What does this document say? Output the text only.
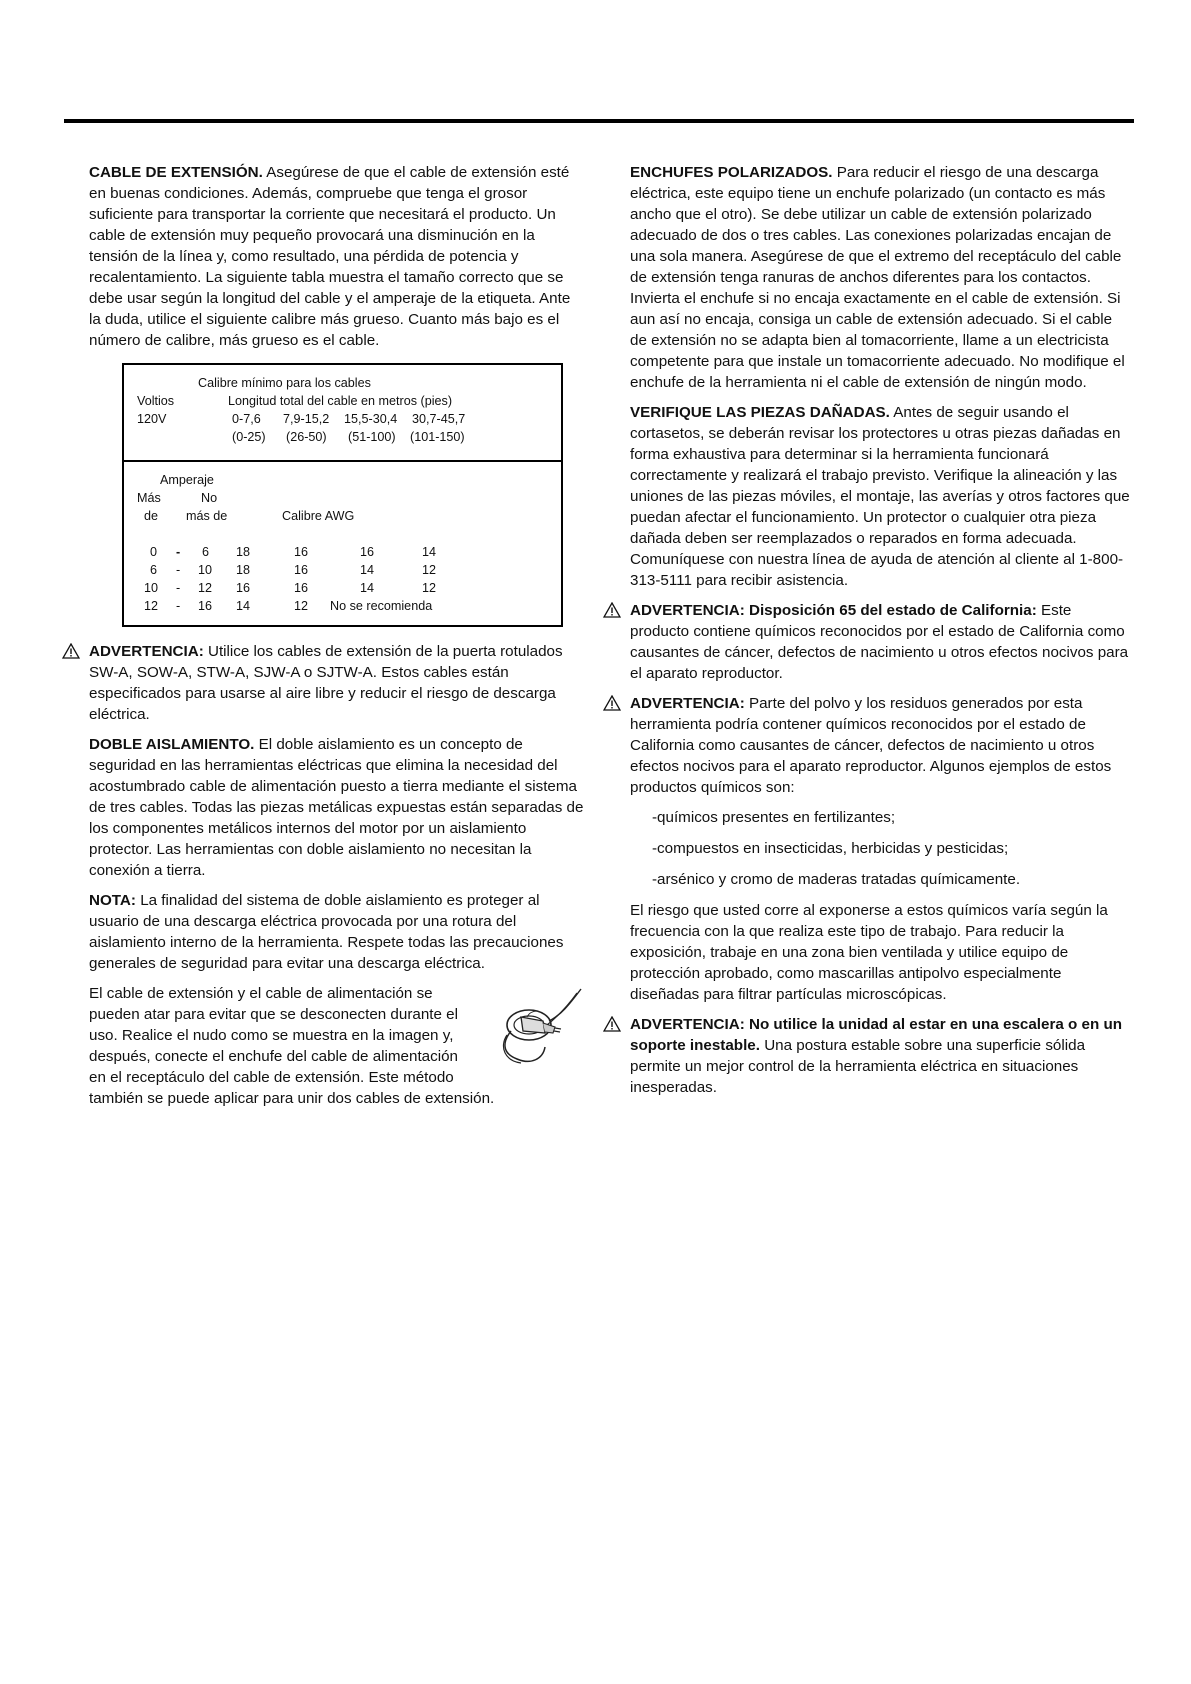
CABLE DE EXTENSIÓN. Asegúrese de que el cable de extensión esté en buenas condiciones. Además, compruebe que tenga el grosor suficiente para transportar la corriente que necesitará el producto. Un cable de extensión muy pequeño provocará una disminución en la tensión de la línea y, como resultado, una pérdida de potencia y recalentamiento. La siguiente tabla muestra el tamaño correcto que se debe usar según la longitud del cable y el amperaje de la etiqueta. Ante la duda, utilice el siguiente calibre más grueso. Cuanto más bajo es el número de calibre, más grueso es el cable.

Calibre mínimo para los cables
Voltios	Longitud total del cable en metros (pies)
120V	0-7,6 7,9-15,2 15,5-30,4 30,7-45,7
(0-25) (26-50) (51-100) (101-150)
Amperaje
Más	No
de más de	Calibre AWG
0 - 6 18	16	16	14
6 - 10 18	16	14	12
10 - 12 16	16	14	12
12 - 16 14	12 No se recomienda

ADVERTENCIA: Utilice los cables de extensión de la puerta rotulados SW-A, SOW-A, STW-A, SJW-A o SJTW-A. Estos cables están especificados para usarse al aire libre y reducir el riesgo de descarga eléctrica.

DOBLE AISLAMIENTO. El doble aislamiento es un concepto de seguridad en las herramientas eléctricas que elimina la necesidad del acostumbrado cable de alimentación puesto a tierra mediante el sistema de tres cables. Todas las piezas metálicas expuestas están separadas de los componentes metálicos internos del motor por un aislamiento protector. Las herramientas con doble aislamiento no necesitan la conexión a tierra.

NOTA: La finalidad del sistema de doble aislamiento es proteger al usuario de una descarga eléctrica provocada por una rotura del aislamiento interno de la herramienta. Respete todas las precauciones generales de seguridad para evitar una descarga eléctrica.

El cable de extensión y el cable de alimentación se
pueden atar para evitar que se desconecten durante el
uso. Realice el nudo como se muestra en la imagen y,
después, conecte el enchufe del cable de alimentación
en el receptáculo del cable de extensión. Este método
también se puede aplicar para unir dos cables de extensión.

ENCHUFES POLARIZADOS. Para reducir el riesgo de una descarga eléctrica, este equipo tiene un enchufe polarizado (un contacto es más ancho que el otro). Se debe utilizar un cable de extensión polarizado adecuado de dos o tres cables. Las conexiones polarizadas encajan de una sola manera. Asegúrese de que el extremo del receptáculo del cable de extensión tenga ranuras de anchos diferentes para los contactos. Invierta el enchufe si no encaja exactamente en el cable de extensión. Si aun así no encaja, consiga un cable de extensión adecuado. Si el cable de extensión no se adapta bien al tomacorriente, llame a un electricista competente para que instale un tomacorriente adecuado. No modifique el enchufe de la herramienta ni el cable de extensión de ningún modo.

VERIFIQUE LAS PIEZAS DAÑADAS. Antes de seguir usando el cortasetos, se deberán revisar los protectores u otras piezas dañadas en forma exhaustiva para determinar si la herramienta funcionará correctamente y realizará el trabajo previsto. Verifique la alineación y las uniones de las piezas móviles, el montaje, las averías y otros factores que puedan afectar el funcionamiento. Un protector o cualquier otra pieza dañada deben ser reemplazados o reparados en forma adecuada. Comuníquese con nuestra línea de ayuda de atención al cliente al 1-800-313-5111 para recibir asistencia.

ADVERTENCIA: Disposición 65 del estado de California: Este producto contiene químicos reconocidos por el estado de California como causantes de cáncer, defectos de nacimiento u otros efectos nocivos para el aparato reproductor.

ADVERTENCIA: Parte del polvo y los residuos generados por esta herramienta podría contener químicos reconocidos por el estado de California como causantes de cáncer, defectos de nacimiento u otros efectos nocivos para el aparato reproductor. Algunos ejemplos de estos productos químicos son:

-químicos presentes en fertilizantes;

-compuestos en insecticidas, herbicidas y pesticidas;

-arsénico y cromo de maderas tratadas químicamente.

El riesgo que usted corre al exponerse a estos químicos varía según la frecuencia con la que realiza este tipo de trabajo. Para reducir la exposición, trabaje en una zona bien ventilada y utilice equipo de protección aprobado, como mascarillas antipolvo especialmente diseñadas para filtrar partículas microscópicas.

ADVERTENCIA: No utilice la unidad al estar en una escalera o en un soporte inestable. Una postura estable sobre una superficie sólida permite un mejor control de la herramienta eléctrica en situaciones inesperadas.
